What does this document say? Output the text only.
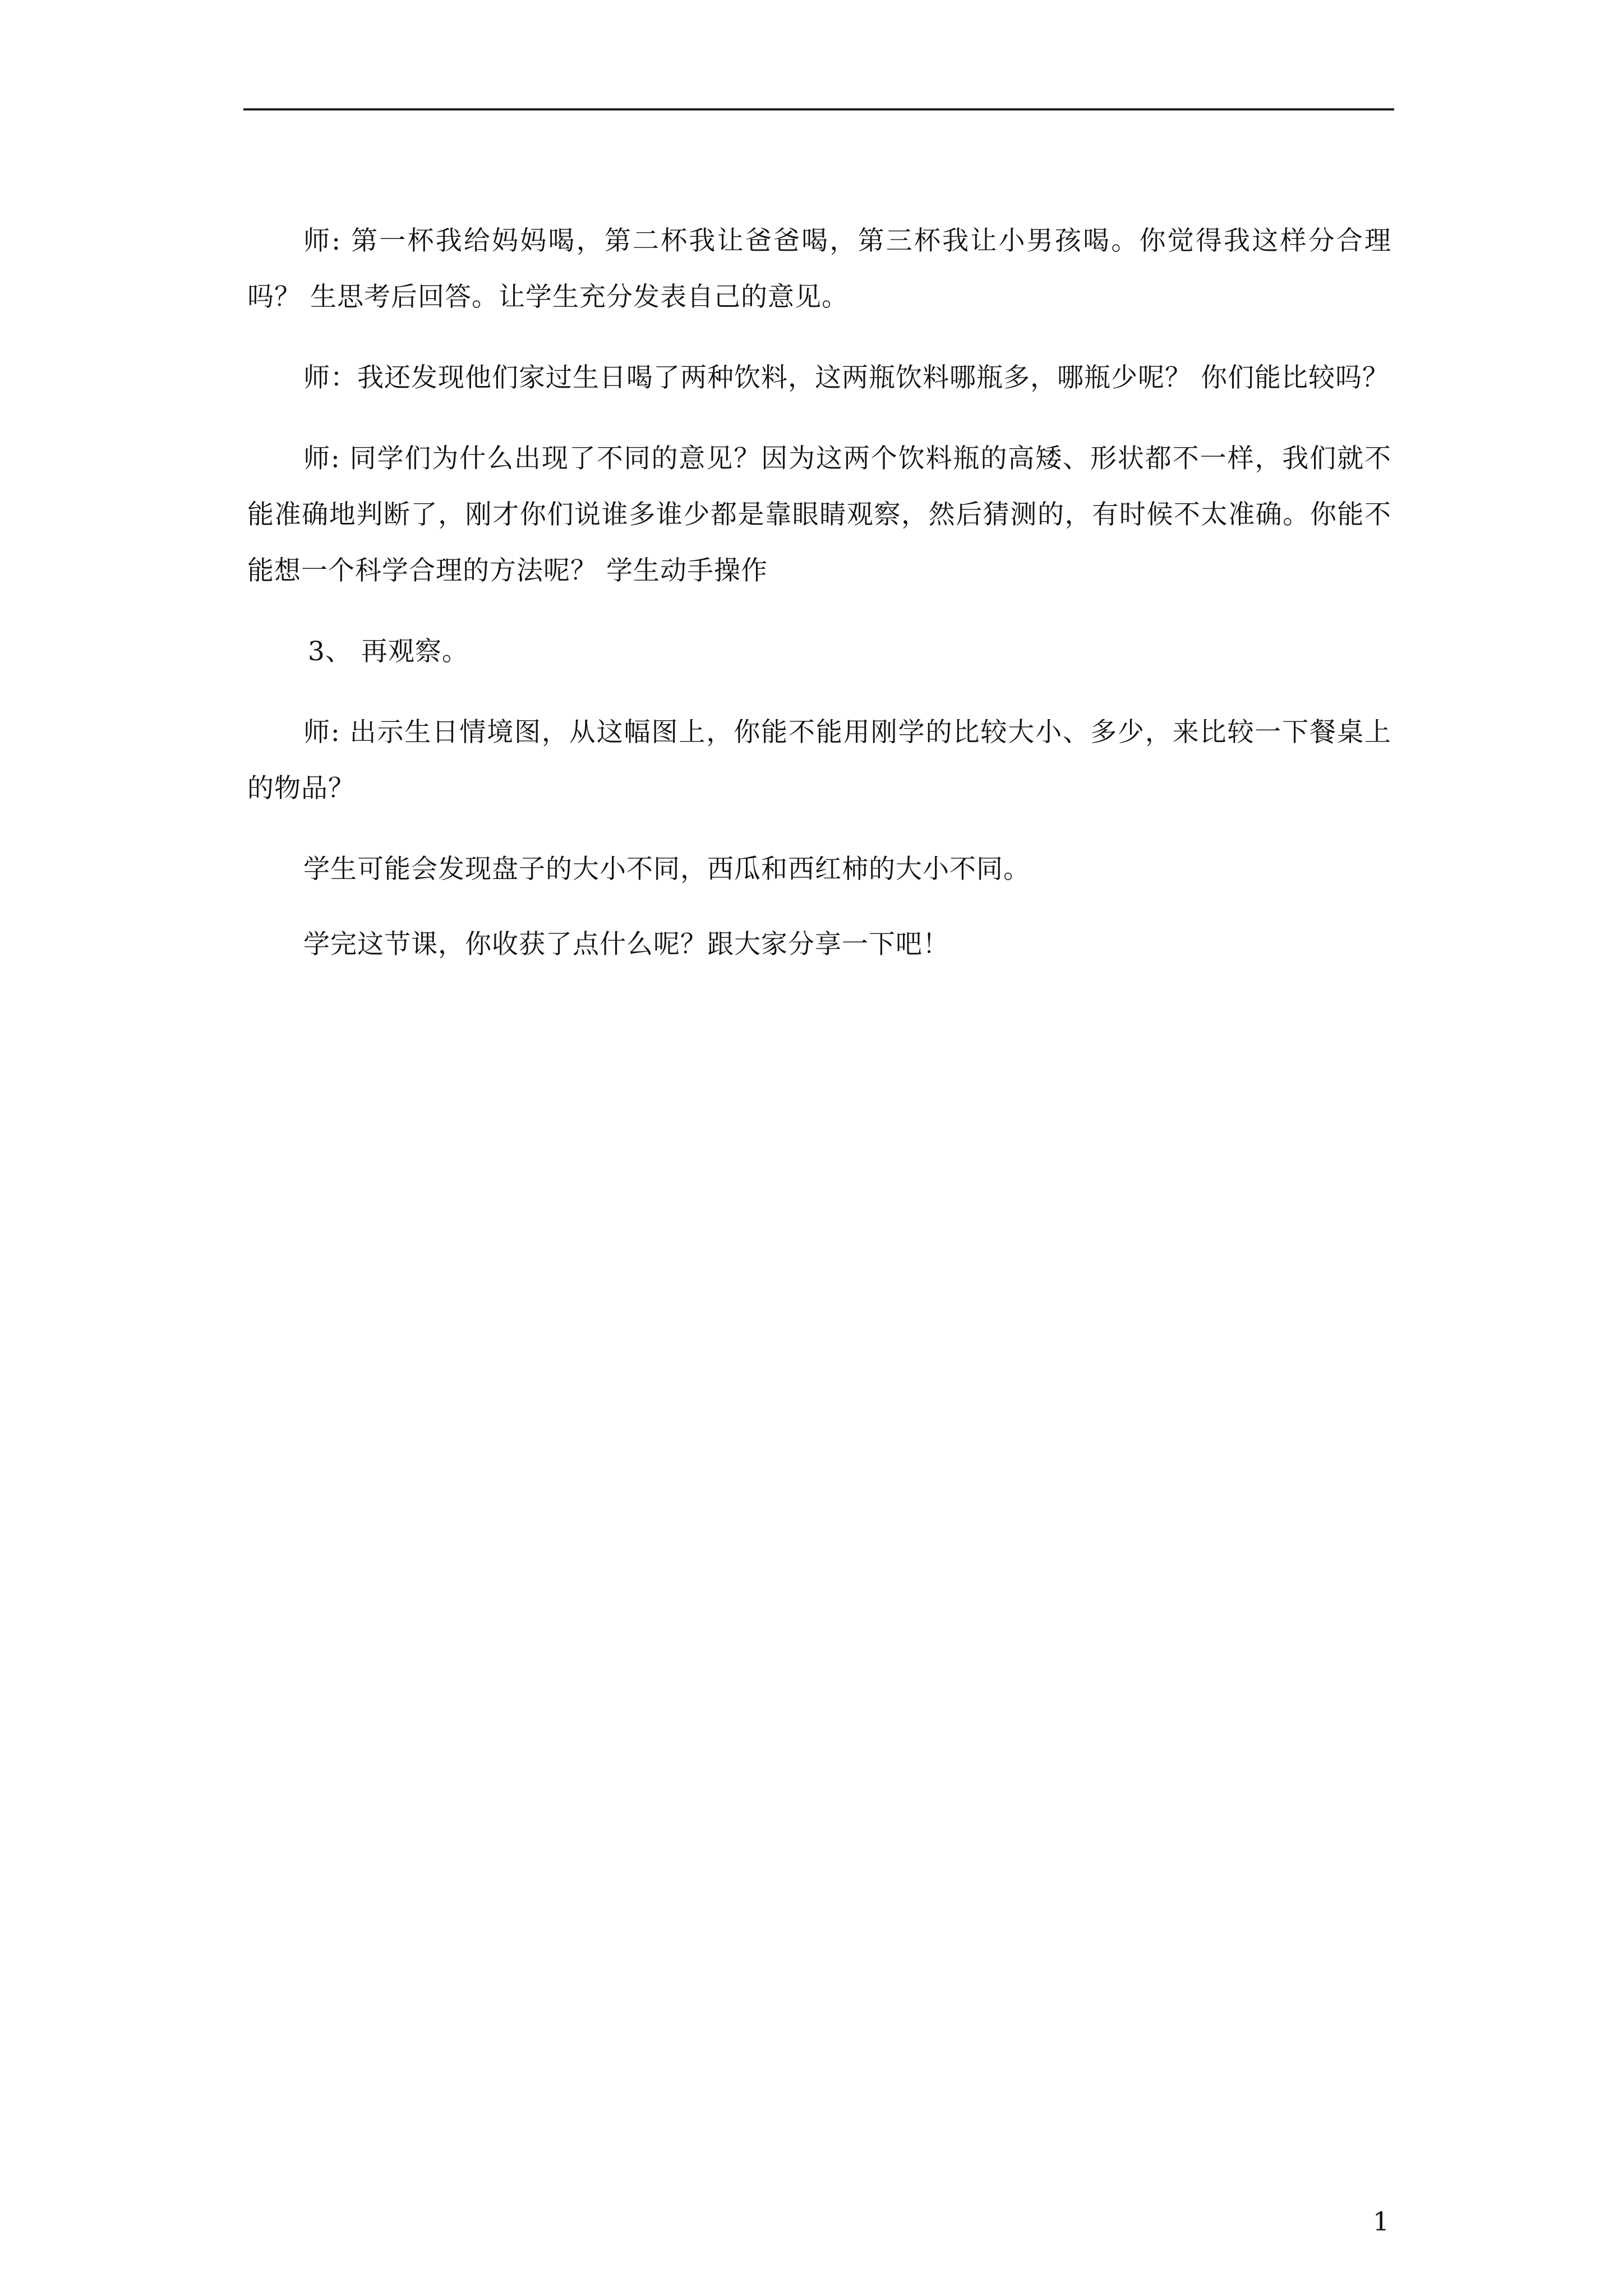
师: 第一杯我给妈妈喝，第二杯我让爸爸喝，第三杯我让小男孩喝。你觉得我这样分合理吗？ 生思考后回答。让学生充分发表自己的意见。

师：我还发现他们家过生日喝了两种饮料，这两瓶饮料哪瓶多，哪瓶少呢？ 你们能比较吗？

师: 同学们为什么出现了不同的意见？因为这两个饮料瓶的高矮、形状都不一样，我们就不能准确地判断了，刚才你们说谁多谁少都是靠眼睛观察，然后猜测的，有时候不太准确。你能不能想一个科学合理的方法呢？ 学生动手操作

3、 再观察。

师: 出示生日情境图，从这幅图上，你能不能用刚学的比较大小、多少，来比较一下餐桌上的物品？

学生可能会发现盘子的大小不同，西瓜和西红柿的大小不同。

学完这节课，你收获了点什么呢？跟大家分享一下吧！

1
